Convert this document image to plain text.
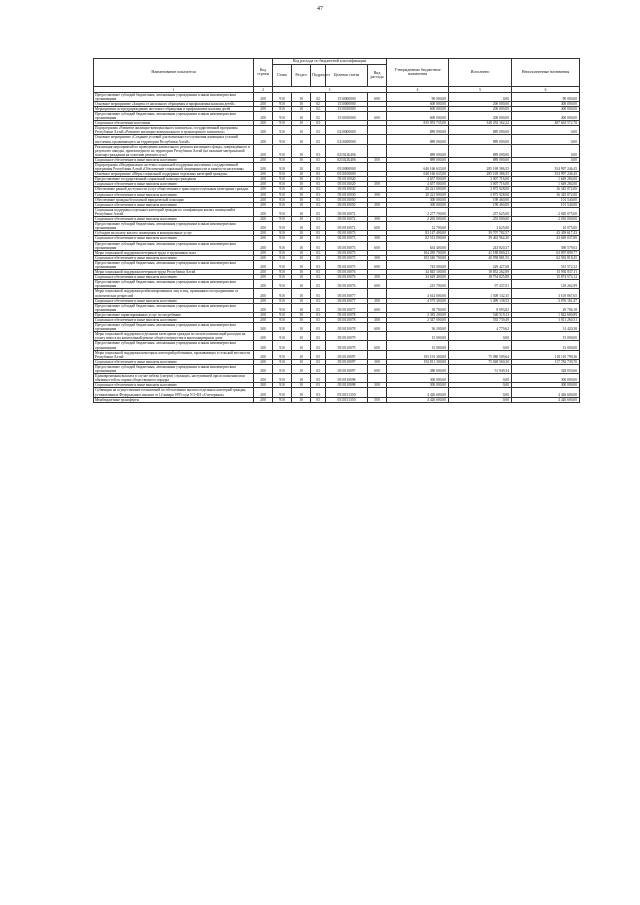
47
Наименование показателя	Код строки	Код расхода по бюджетной классификации					Утвержденные бюджетные назначения	Исполнено	Неисполненные назначения
		Глава	Раздел	Подраздел	Целевая статья	Вид расхода			
1	2	3					4	5	6
Предоставление субсидий бюджетным, автономным учреждениям и иным некоммерческим организациям	200	910	10	02	1510000000	600	90 000,00	0,00	90 000,00
Основное мероприятие «Защита от насильного обращения и профилактика насилия детей»	200	910	10	02	1510000000		600 000,00	200 000,00	400 000,00
Мероприятия по предупреждению жестокого обращения и профилактике насилия детей	200	910	10	02	1510010000		600 000,00	200 000,00	400 000,00
Предоставление субсидий бюджетным, автономным учреждениям и иным некоммерческим организациям	200	910	10	02	1510010000	600	600 000,00	200 000,00	400 000,00
Социальное обеспечение населения	200	910	10	03			835 955 735,00	348 292 162,22	487 663 572,78
Подпрограмма «Развитие жилищно-коммунального комплекса» государственной программы Республики Алтай «Развитие жилищно-коммунального и транспортного комплекса»	200	910	10	03	0210000000		889 000,00	889 000,00	0,00
Основное мероприятие «Создание условий для возможности улучшения жилищных условий населения, проживающего на территории Республики Алтай»	200	910	10	03	0210200000		889 000,00	889 000,00	0,00
Реализация мероприятий по проведению капитального ремонта жилищного фонда, поврежденного в результате паводка, произошедшего на территории Республики Алтай (на оказание материальной помощи гражданам на освоение ремонта сухо)	200	910	10	03	021021Б406		889 000,00	889 000,00	0,00
Социальное обеспечение и иные выплаты населению	200	910	10	03	021021Б406	300	889 000,00	889 000,00	0,00
Подпрограмма «Модернизация системы социальной поддержки населения» государственной программы Республики Алтай «Обеспечение социальной защищенности и занятости населения»	200	910	10	03	0510000000		640 166 633,00	285 169 386,55	354 997 246,45
Основное мероприятие «Меры социальной поддержки отдельных категорий граждан»	200	910	10	03	0510100000		640 166 633,00	285 169 386,55	354 997 246,45
Предоставление государственной социальной помощи гражданам	200	910	10	03	0510110020		4 657 000,00	3 007 716,00	1 649 284,00
Социальное обеспечение и иные выплаты населению	200	910	10	03	0510110020	300	4 657 000,00	3 007 716,00	1 649 284,00
Обеспечение равной доступности услуг общественного транспорта отдельным категориям граждан	200	910	10	03	0510110030		20 221 000,00	3 875 928,00	16 345 072,00
Социальное обеспечение и иные выплаты населению	200	910	10	03	0510110030	300	20 221 000,00	3 875 928,00	16 345 072,00
Обеспечение граждан бесплатной юридической помощью	200	910	10	03	0510110050		300 000,00	198 460,00	101 540,00
Социальное обеспечение и иные выплаты населению	200	910	10	03	0510110050	300	300 000,00	198 460,00	101 540,00
Социальная поддержка отдельных категорий граждан по газификации жилых помещений в Республике Алтай	200	910	10	03	0510110072		2 277 700,00	257 625,00	2 020 075,00
Социальное обеспечение и иные выплаты населению	200	910	10	03	0510110072	300	2 265 000,00	255 000,00	2 010 000,00
Предоставление субсидий бюджетным, автономным учреждениям и иным некоммерческим организациям	200	910	10	03	0510110072	600	12 700,00	2 625,00	10 075,00
Субсидии на оплату жилого помещения и коммунальных услуг	200	910	10	03	0510110073		83 147 400,00	39 707 782,57	43 439 617,43
Социальное обеспечение и иные выплаты населению	200	910	10	03	0510110073	300	82 513 000,00	39 463 962,20	43 049 037,80
Предоставление субсидий бюджетным, автономным учреждениям и иным некоммерческим организациям	200	910	10	03	0510110073	600	634 400,00	243 820,37	390 579,63
Меры социальной поддержки ветеранов труда и тружеников тыла	200	910	10	03	0510110075		104 285 700,00	41 188 800,23	63 097 899,77
Социальное обеспечение и иные выплаты населению	200	910	10	03	0510110075	300	103 540 700,00	40 958 881,55	62 582 818,45
Предоставление субсидий бюджетным, автономным учреждениям и иным некоммерческим организациям	200	910	10	03	0510110075	600	745 000,00	229 427,68	515 572,32
Меры социальной поддержки ветеранов труда Республики Алтай	200	910	10	03	0510110076		34 845 100,00	18 852 262,89	15 992 837,11
Социальное обеспечение и иные выплаты населению	200	910	10	03	0510110076	300	34 629 400,00	18 754 825,88	15 874 574,12
Предоставление субсидий бюджетным, автономным учреждениям и иным некоммерческим организациям	200	910	10	03	0510110076	600	215 700,00	97 437,01	118 262,99
Меры социальной поддержки реабилитированных лиц и лиц, признанных пострадавшими от политических репрессий	200	910	10	03	0510110077		4 614 000,00	1 508 132,35	3 105 867,65
Социальное обеспечение и иные выплаты населению	200	910	10	03	0510110077	300	4 575 300,00	1 499 138,53	3 076 161,47
Предоставление субсидий бюджетным, автономным учреждениям и иным некоммерческим организациям	200	910	10	03	0510110077	600	38 700,00	8 993,82	29 706,18
Предоставление гарантированных услуг по погребению	200	910	10	03	0510110078		2 383 200,00	540 519,11	1 842 680,89
Социальное обеспечение и иные выплаты населению	200	910	10	03	0510110078	300	2 347 000,00	535 739,49	1 811 260,51
Предоставление субсидий бюджетным, автономным учреждениям и иным некоммерческим организациям	200	910	10	03	0510110078	600	36 200,00	4 779,62	31 420,38
Меры социальной поддержки отдельным категориям граждан по оплате компенсаций расходов на уплату взноса на капитальный ремонт общего имущества в многоквартирном доме	200	910	10	03	0510110079		15 000,00	0,00	15 000,00
Предоставление субсидий бюджетным, автономным учреждениям и иным некоммерческим организациям	200	910	10	03	0510110079	600	15 000,00	0,00	15 000,00
Меры социальной поддержки некоторых категорий работников, проживающих в сельской местности Республики Алтай	200	910	10	03	0510110097		193 191 300,00	75 080 509,64	118 110 790,36
Социальное обеспечение и иные выплаты населению	200	910	10	03	0510110097	300	192 811 300,00	75 028 560,30	117 782 739,70
Предоставление субсидий бюджетным, автономным учреждениям и иным некоммерческим организациям	200	910	10	03	0510110097	600	380 000,00	51 949,34	328 050,66
Единовременная выплата в случае гибели (смерти) служащих, наступившей при исполнении ими обязанностей по охране общественного порядка	200	910	10	03	0510110098		300 000,00	0,00	300 000,00
Социальное обеспечение и иные выплаты населению	200	910	10	03	0510110098	300	300 000,00	0,00	300 000,00
Субвенции на осуществление полномочий по обеспечению жильем отдельных категорий граждан, установленных Федеральным законом от 12 января 1995 года N 5-ФЗ «О ветеранах»	200	910	10	03	0510151350		4 426 600,00	0,00	4 426 600,00
Межбюджетные трансферты	200	910	10	03	0510151350	500	4 426 600,00	0,00	4 426 600,00
